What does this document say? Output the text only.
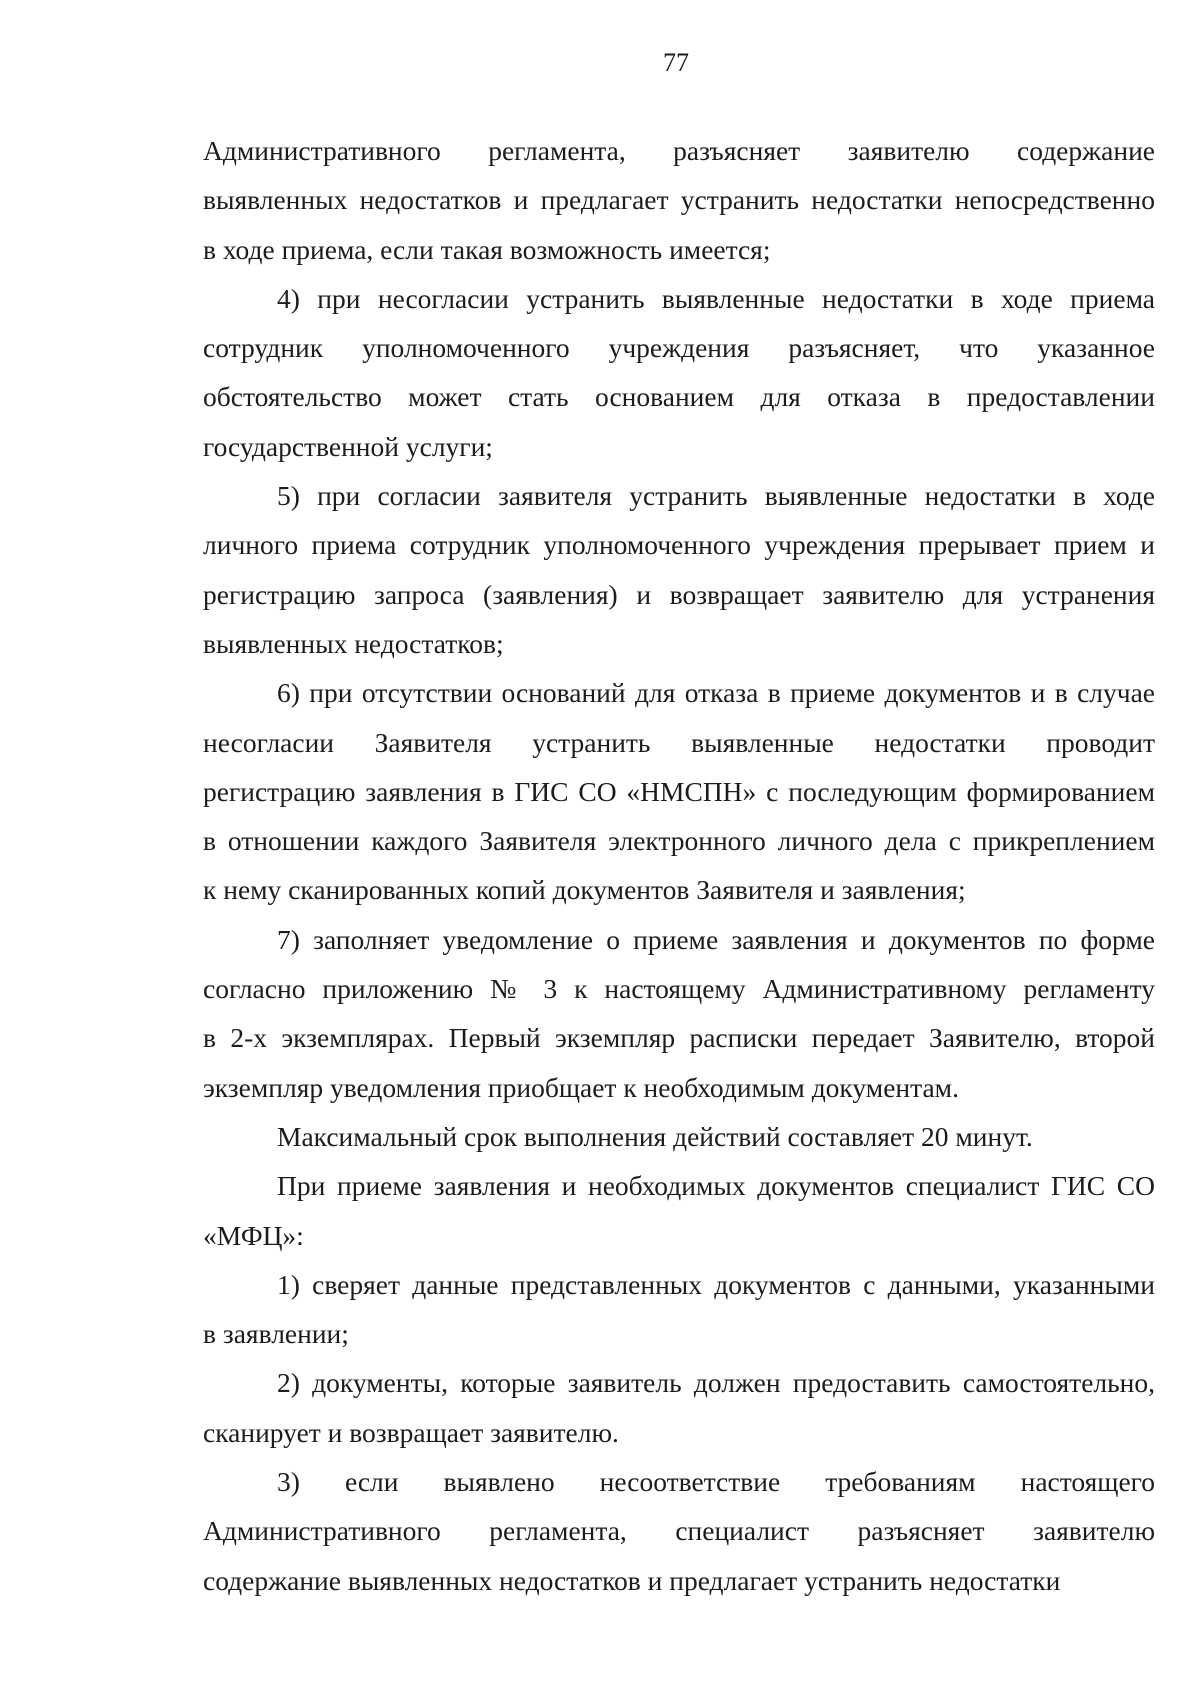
77
Административного регламента, разъясняет заявителю содержание
выявленных недостатков и предлагает устранить недостатки непосредственно
в ходе приема, если такая возможность имеется;
4) при несогласии устранить выявленные недостатки в ходе приема
сотрудник уполномоченного учреждения разъясняет, что указанное
обстоятельство может стать основанием для отказа в предоставлении
государственной услуги;
5) при согласии заявителя устранить выявленные недостатки в ходе
личного приема сотрудник уполномоченного учреждения прерывает прием и
регистрацию запроса (заявления) и возвращает заявителю для устранения
выявленных недостатков;
6) при отсутствии оснований для отказа в приеме документов и в случае
несогласии Заявителя устранить выявленные недостатки проводит
регистрацию заявления в ГИС СО «НМСПН» с последующим формированием
в отношении каждого Заявителя электронного личного дела с прикреплением
к нему сканированных копий документов Заявителя и заявления;
7) заполняет уведомление о приеме заявления и документов по форме
согласно приложению № 3 к настоящему Административному регламенту
в 2-х экземплярах. Первый экземпляр расписки передает Заявителю, второй
экземпляр уведомления приобщает к необходимым документам.
Максимальный срок выполнения действий составляет 20 минут.
При приеме заявления и необходимых документов специалист ГИС СО
«МФЦ»:
1) сверяет данные представленных документов с данными, указанными
в заявлении;
2) документы, которые заявитель должен предоставить самостоятельно,
сканирует и возвращает заявителю.
3) если выявлено несоответствие требованиям настоящего
Административного регламента, специалист разъясняет заявителю
содержание выявленных недостатков и предлагает устранить недостатки
